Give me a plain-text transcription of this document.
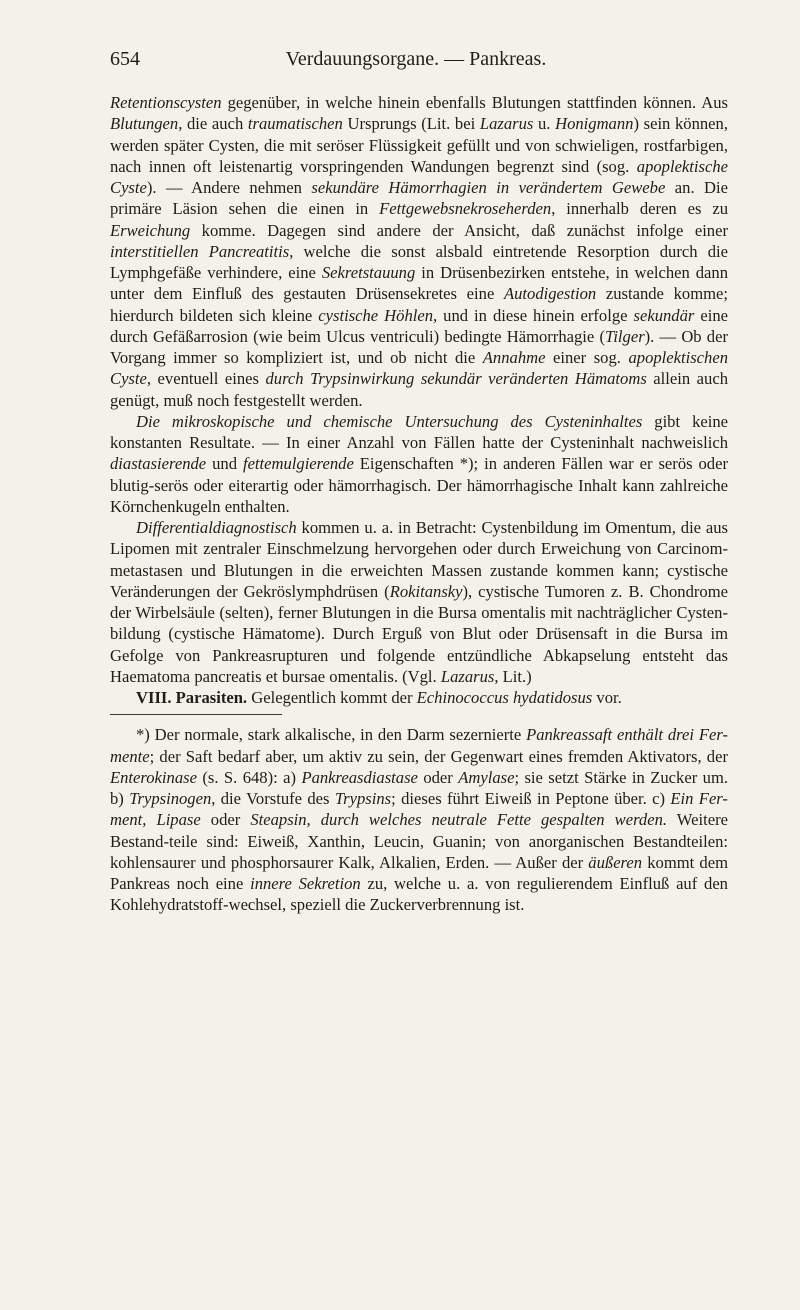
654	Verdauungsorgane. — Pankreas.

Retentionscysten gegenüber, in welche hinein ebenfalls Blutungen stattfinden können. Aus Blutungen, die auch traumatischen Ursprungs (Lit. bei Lazarus u. Honigmann) sein können, werden später Cysten, die mit seröser Flüssigkeit gefüllt und von schwieligen, rostfarbigen, nach innen oft leistenartig vorspringenden Wandungen begrenzt sind (sog. apoplektische Cyste). — Andere nehmen sekundäre Hämorrhagien in verändertem Gewebe an. Die primäre Läsion sehen die einen in Fettgewebsnekroseherden, innerhalb deren es zu Erweichung komme. Dagegen sind andere der Ansicht, daß zunächst infolge einer interstitiellen Pancreatitis, welche die sonst alsbald eintretende Resorption durch die Lymphgefäße verhindere, eine Sekretstauung in Drüsenbezirken entstehe, in welchen dann unter dem Einfluß des gestauten Drüsensekretes eine Autodigestion zustande komme; hierdurch bildeten sich kleine cystische Höhlen, und in diese hinein erfolge sekundär eine durch Gefäßarrosion (wie beim Ulcus ventriculi) bedingte Hämorrhagie (Tilger). — Ob der Vorgang immer so kompliziert ist, und ob nicht die Annahme einer sog. apoplektischen Cyste, eventuell eines durch Trypsinwirkung sekundär veränderten Hämatoms allein auch genügt, muß noch festgestellt werden.

Die mikroskopische und chemische Untersuchung des Cysteninhaltes gibt keine konstanten Resultate. — In einer Anzahl von Fällen hatte der Cysteninhalt nachweislich diastasierende und fettemulgierende Eigenschaften *); in anderen Fällen war er serös oder blutig-serös oder eiterartig oder hämorrhagisch. Der hämorrhagische Inhalt kann zahlreiche Körnchenkugeln enthalten.

Differentialdiagnostisch kommen u. a. in Betracht: Cystenbildung im Omentum, die aus Lipomen mit zentraler Einschmelzung hervorgehen oder durch Erweichung von Carcinom-metastasen und Blutungen in die erweichten Massen zustande kommen kann; cystische Veränderungen der Gekröslymphdrüsen (Rokitansky), cystische Tumoren z. B. Chondrome der Wirbelsäule (selten), ferner Blutungen in die Bursa omentalis mit nachträglicher Cysten-bildung (cystische Hämatome). Durch Erguß von Blut oder Drüsensaft in die Bursa im Gefolge von Pankreasrupturen und folgende entzündliche Abkapselung entsteht das Haematoma pancreatis et bursae omentalis. (Vgl. Lazarus, Lit.)

VIII. Parasiten. Gelegentlich kommt der Echinococcus hydatidosus vor.

*) Der normale, stark alkalische, in den Darm sezernierte Pankreassaft enthält drei Fer-mente; der Saft bedarf aber, um aktiv zu sein, der Gegenwart eines fremden Aktivators, der Enterokinase (s. S. 648): a) Pankreasdiastase oder Amylase; sie setzt Stärke in Zucker um. b) Trypsinogen, die Vorstufe des Trypsins; dieses führt Eiweiß in Peptone über. c) Ein Fer-ment, Lipase oder Steapsin, durch welches neutrale Fette gespalten werden. Weitere Bestand-teile sind: Eiweiß, Xanthin, Leucin, Guanin; von anorganischen Bestandteilen: kohlensaurer und phosphorsaurer Kalk, Alkalien, Erden. — Außer der äußeren kommt dem Pankreas noch eine innere Sekretion zu, welche u. a. von regulierendem Einfluß auf den Kohlehydratstoff-wechsel, speziell die Zuckerverbrennung ist.
